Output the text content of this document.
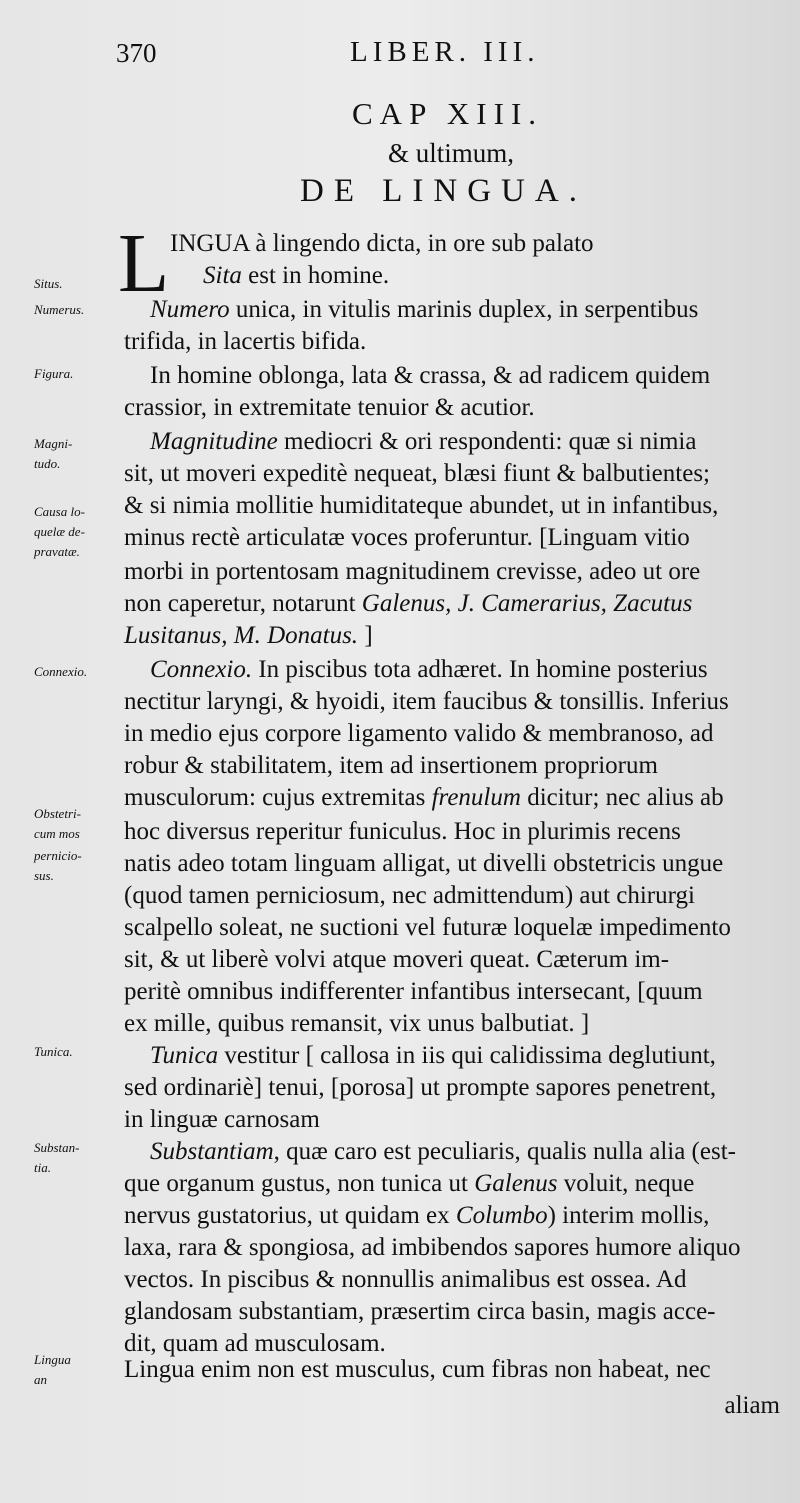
370	LIBER. III.
CAP XIII.
& ultimum,
DE LINGUA.
L
Situs.
Numerus.
Figura.
Magni-
tudo.
Causa lo-
quelæ de-
pravatæ.
Connexio.
Obstetri-
cum mos
pernicio-
sus.
Tunica.
Substan-
tia.
Lingua
an
INGUA à lingendo dicta, in ore sub palato
Sita est in homine.
Numero unica, in vitulis marinis duplex, in serpentibus
trifida, in lacertis bifida.
In homine oblonga, lata & crassa, & ad radicem quidem
crassior, in extremitate tenuior & acutior.
Magnitudine mediocri & ori respondenti: quæ si nimia
sit, ut moveri expeditè nequeat, blæsi fiunt & balbutientes;
& si nimia mollitie humiditateque abundet, ut in infantibus,
minus rectè articulatæ voces proferuntur. [Linguam vitio
morbi in portentosam magnitudinem crevisse, adeo ut ore
non caperetur, notarunt Galenus, J. Camerarius, Zacutus
Lusitanus, M. Donatus. ]
Connexio. In piscibus tota adhæret. In homine posterius
nectitur laryngi, & hyoidi, item faucibus & tonsillis. Inferius
in medio ejus corpore ligamento valido & membranoso, ad
robur & stabilitatem, item ad insertionem propriorum
musculorum: cujus extremitas frenulum dicitur; nec alius ab
hoc diversus reperitur funiculus. Hoc in plurimis recens
natis adeo totam linguam alligat, ut divelli obstetricis ungue
(quod tamen perniciosum, nec admittendum) aut chirurgi
scalpello soleat, ne suctioni vel futuræ loquelæ impedimento
sit, & ut liberè volvi atque moveri queat. Cæterum im-
peritè omnibus indifferenter infantibus intersecant, [quum
ex mille, quibus remansit, vix unus balbutiat. ]
Tunica vestitur [ callosa in iis qui calidissima deglutiunt,
sed ordinariè] tenui, [porosa] ut prompte sapores penetrent,
in linguæ carnosam
Substantiam, quæ caro est peculiaris, qualis nulla alia (est-
que organum gustus, non tunica ut Galenus voluit, neque
nervus gustatorius, ut quidam ex Columbo) interim mollis,
laxa, rara & spongiosa, ad imbibendos sapores humore aliquo
vectos. In piscibus & nonnullis animalibus est ossea. Ad
glandosam substantiam, præsertim circa basin, magis acce-
dit, quam ad musculosam.
Lingua enim non est musculus, cum fibras non habeat, nec
aliam
